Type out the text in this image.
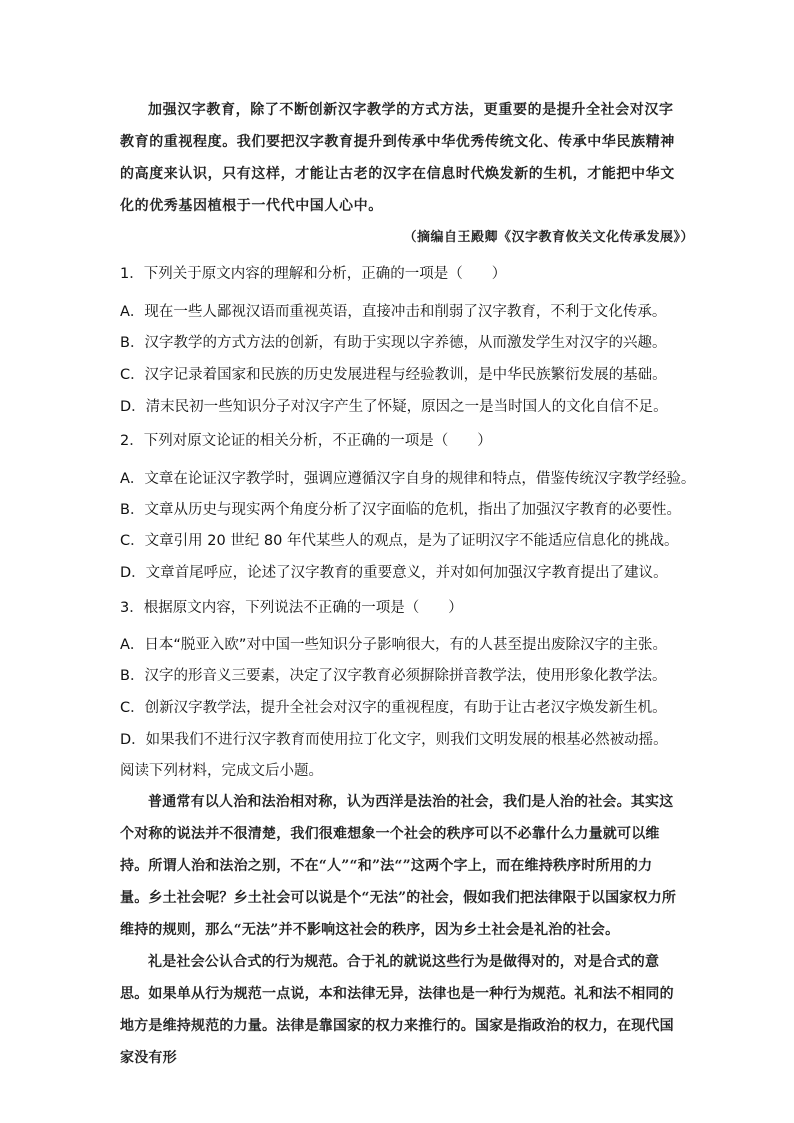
加强汉字教育，除了不断创新汉字教学的方式方法，更重要的是提升全社会对汉字教育的重视程度。我们要把汉字教育提升到传承中华优秀传统文化、传承中华民族精神的高度来认识，只有这样，才能让古老的汉字在信息时代焕发新的生机，才能把中华文化的优秀基因植根于一代代中国人心中。

（摘编自王殿卿《汉字教育攸关文化传承发展》）
1．下列关于原文内容的理解和分析，正确的一项是（　　）
A．现在一些人鄙视汉语而重视英语，直接冲击和削弱了汉字教育，不利于文化传承。
B．汉字教学的方式方法的创新，有助于实现以字养德，从而激发学生对汉字的兴趣。
C．汉字记录着国家和民族的历史发展进程与经验教训，是中华民族繁衍发展的基础。
D．清末民初一些知识分子对汉字产生了怀疑，原因之一是当时国人的文化自信不足。
2．下列对原文论证的相关分析，不正确的一项是（　　）
A．文章在论证汉字教学时，强调应遵循汉字自身的规律和特点，借鉴传统汉字教学经验。
B．文章从历史与现实两个角度分析了汉字面临的危机，指出了加强汉字教育的必要性。
C．文章引用 20 世纪 80 年代某些人的观点，是为了证明汉字不能适应信息化的挑战。
D．文章首尾呼应，论述了汉字教育的重要意义，并对如何加强汉字教育提出了建议。
3．根据原文内容，下列说法不正确的一项是（　　）
A．日本“脱亚入欧”对中国一些知识分子影响很大，有的人甚至提出废除汉字的主张。
B．汉字的形音义三要素，决定了汉字教育必须摒除拼音教学法，使用形象化教学法。
C．创新汉字教学法，提升全社会对汉字的重视程度，有助于让古老汉字焕发新生机。
D．如果我们不进行汉字教育而使用拉丁化文字，则我们文明发展的根基必然被动摇。
阅读下列材料，完成文后小题。

普通常有以人治和法治相对称，认为西洋是法治的社会，我们是人治的社会。其实这个对称的说法并不很清楚，我们很难想象一个社会的秩序可以不必靠什么力量就可以维持。所谓人治和法治之别，不在“人”“和”法“”这两个字上，而在维持秩序时所用的力量。乡土社会呢？乡土社会可以说是个“无法”的社会，假如我们把法律限于以国家权力所维持的规则，那么“无法”并不影响这社会的秩序，因为乡土社会是礼治的社会。

礼是社会公认合式的行为规范。合于礼的就说这些行为是做得对的，对是合式的意思。如果单从行为规范一点说，本和法律无异，法律也是一种行为规范。礼和法不相同的地方是维持规范的力量。法律是靠国家的权力来推行的。国家是指政治的权力，在现代国家没有形
